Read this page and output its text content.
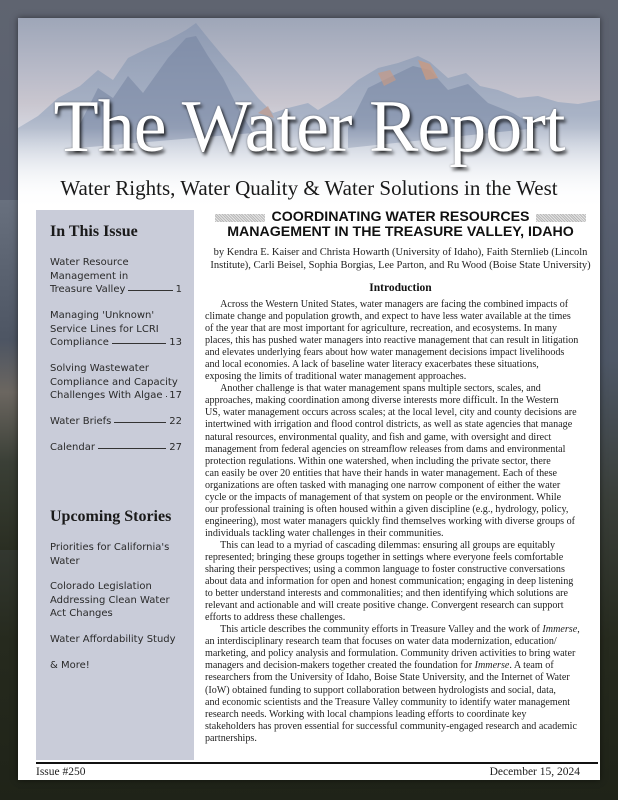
The Water Report
Water Rights, Water Quality & Water Solutions in the West
In This Issue
Water Resource
Management in
Treasure Valley	1
Managing 'Unknown'
Service Lines for LCRI
Compliance	13
Solving Wastewater
Compliance and Capacity
Challenges With Algae 17
Water Briefs	22
Calendar	27
Upcoming Stories
Priorities for California's
Water
Colorado Legislation
Addressing Clean Water
Act Changes
Water Affordability Study
& More!
COORDINATING WATER RESOURCES
MANAGEMENT IN THE TREASURE VALLEY, IDAHO
by Kendra E. Kaiser and Christa Howarth (University of Idaho), Faith Sternlieb (Lincoln
Institute), Carli Beisel, Sophia Borgias, Lee Parton, and Ru Wood (Boise State University)
Introduction
  Across the Western United States, water managers are facing the combined impacts of
climate change and population growth, and expect to have less water available at the times
of the year that are most important for agriculture, recreation, and ecosystems. In many
places, this has pushed water managers into reactive management that can result in litigation
and elevates underlying fears about how water management decisions impact livelihoods
and local economies. A lack of baseline water literacy exacerbates these situations,
exposing the limits of traditional water management approaches.
  Another challenge is that water management spans multiple sectors, scales, and
approaches, making coordination among diverse interests more difficult. In the Western
US, water management occurs across scales; at the local level, city and county decisions are
intertwined with irrigation and flood control districts, as well as state agencies that manage
natural resources, environmental quality, and fish and game, with oversight and direct
management from federal agencies on streamflow releases from dams and environmental
protection regulations. Within one watershed, when including the private sector, there
can easily be over 20 entities that have their hands in water management. Each of these
organizations are often tasked with managing one narrow component of either the water
cycle or the impacts of management of that system on people or the environment. While
our professional training is often housed within a given discipline (e.g., hydrology, policy,
engineering), most water managers quickly find themselves working with diverse groups of
individuals tackling water challenges in their communities.
  This can lead to a myriad of cascading dilemmas: ensuring all groups are equitably
represented; bringing these groups together in settings where everyone feels comfortable
sharing their perspectives; using a common language to foster constructive conversations
about data and information for open and honest communication; engaging in deep listening
to better understand interests and commonalities; and then identifying which solutions are
relevant and actionable and will create positive change. Convergent research can support
efforts to address these challenges.
  This article describes the community efforts in Treasure Valley and the work of Immerse,
an interdisciplinary research team that focuses on water data modernization, education/
marketing, and policy analysis and formulation. Community driven activities to bring water
managers and decision-makers together created the foundation for Immerse. A team of
researchers from the University of Idaho, Boise State University, and the Internet of Water
(IoW) obtained funding to support collaboration between hydrologists and social, data,
and economic scientists and the Treasure Valley community to identify water management
research needs. Working with local champions leading efforts to coordinate key
stakeholders has proven essential for successful community-engaged research and academic
partnerships.
Issue #250	December 15, 2024
